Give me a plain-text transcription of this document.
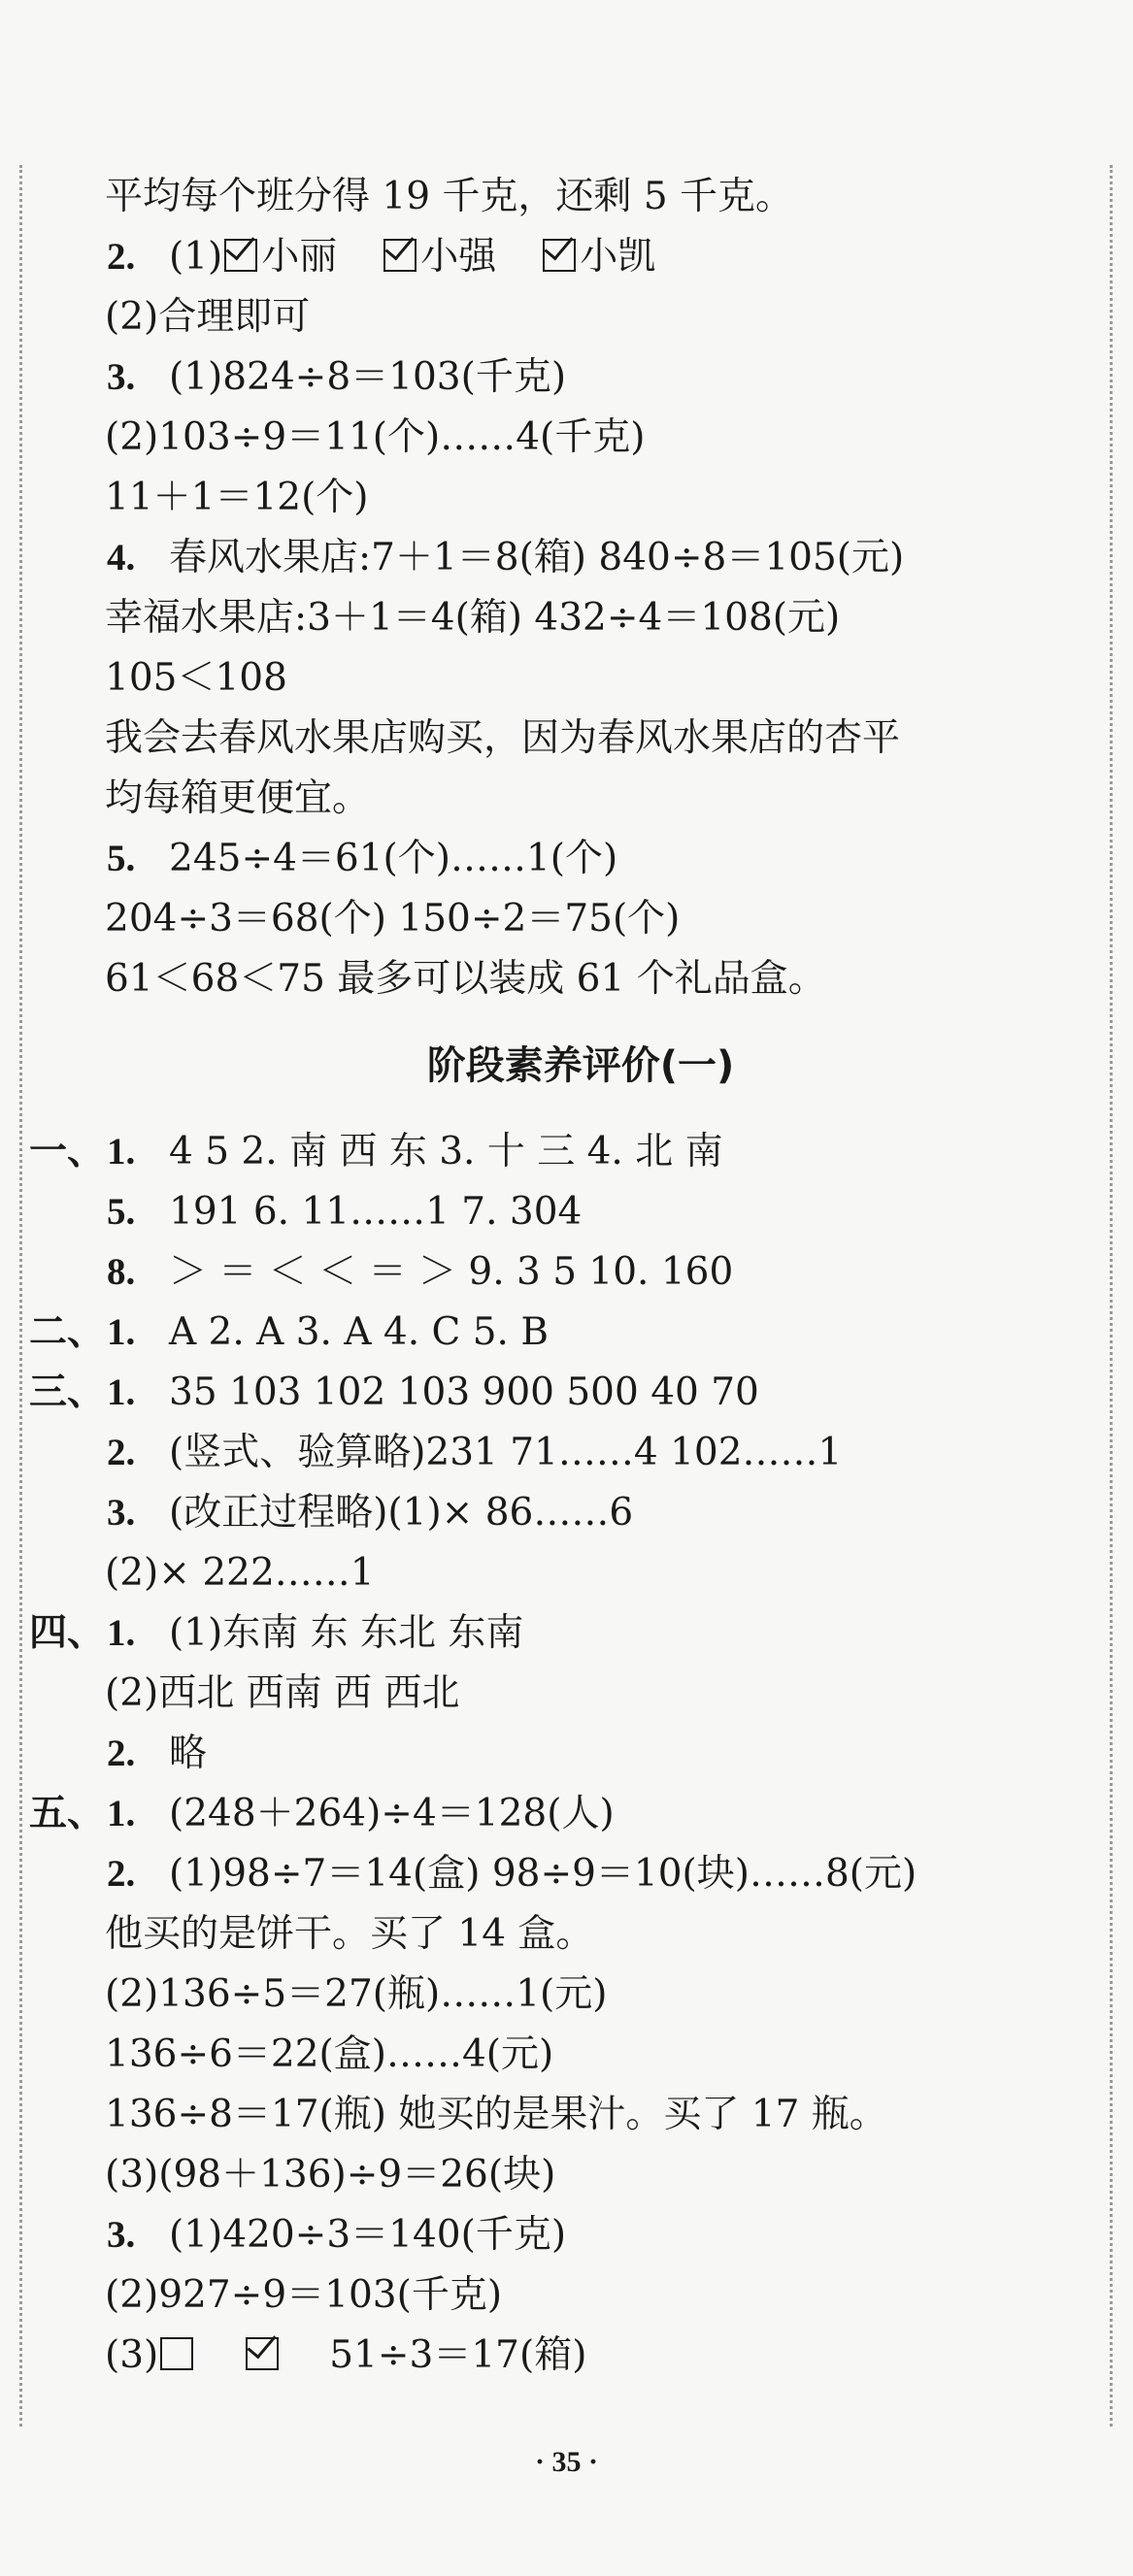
平均每个班分得 19 千克，还剩 5 千克。
2. (1) 小丽 小强 小凯
(2)合理即可
3. (1)824÷8＝103(千克)
(2)103÷9＝11(个)……4(千克)
11＋1＝12(个)
4. 春风水果店:7＋1＝8(箱) 840÷8＝105(元)
幸福水果店:3＋1＝4(箱) 432÷4＝108(元)
105＜108
我会去春风水果店购买，因为春风水果店的杏平
均每箱更便宜。
5. 245÷4＝61(个)……1(个)
204÷3＝68(个) 150÷2＝75(个)
61＜68＜75 最多可以装成 61 个礼品盒。
阶段素养评价(一)
一、 1. 4 5 2. 南 西 东 3. 十 三 4. 北 南
5. 191 6. 11……1 7. 304
8. ＞ ＝ ＜ ＜ ＝ ＞ 9. 3 5 10. 160
二、 1. A 2. A 3. A 4. C 5. B
三、 1. 35 103 102 103 900 500 40 70
2. (竖式、验算略)231 71……4 102……1
3. (改正过程略)(1)× 86……6
(2)× 222……1
四、 1. (1)东南 东 东北 东南
(2)西北 西南 西 西北
2. 略
五、 1. (248＋264)÷4＝128(人)
2. (1)98÷7＝14(盒) 98÷9＝10(块)……8(元)
他买的是饼干。买了 14 盒。
(2)136÷5＝27(瓶)……1(元)
136÷6＝22(盒)……4(元)
136÷8＝17(瓶) 她买的是果汁。买了 17 瓶。
(3)(98＋136)÷9＝26(块)
3. (1)420÷3＝140(千克)
(2)927÷9＝103(千克)
(3)	51÷3＝17(箱)
· 35 ·
